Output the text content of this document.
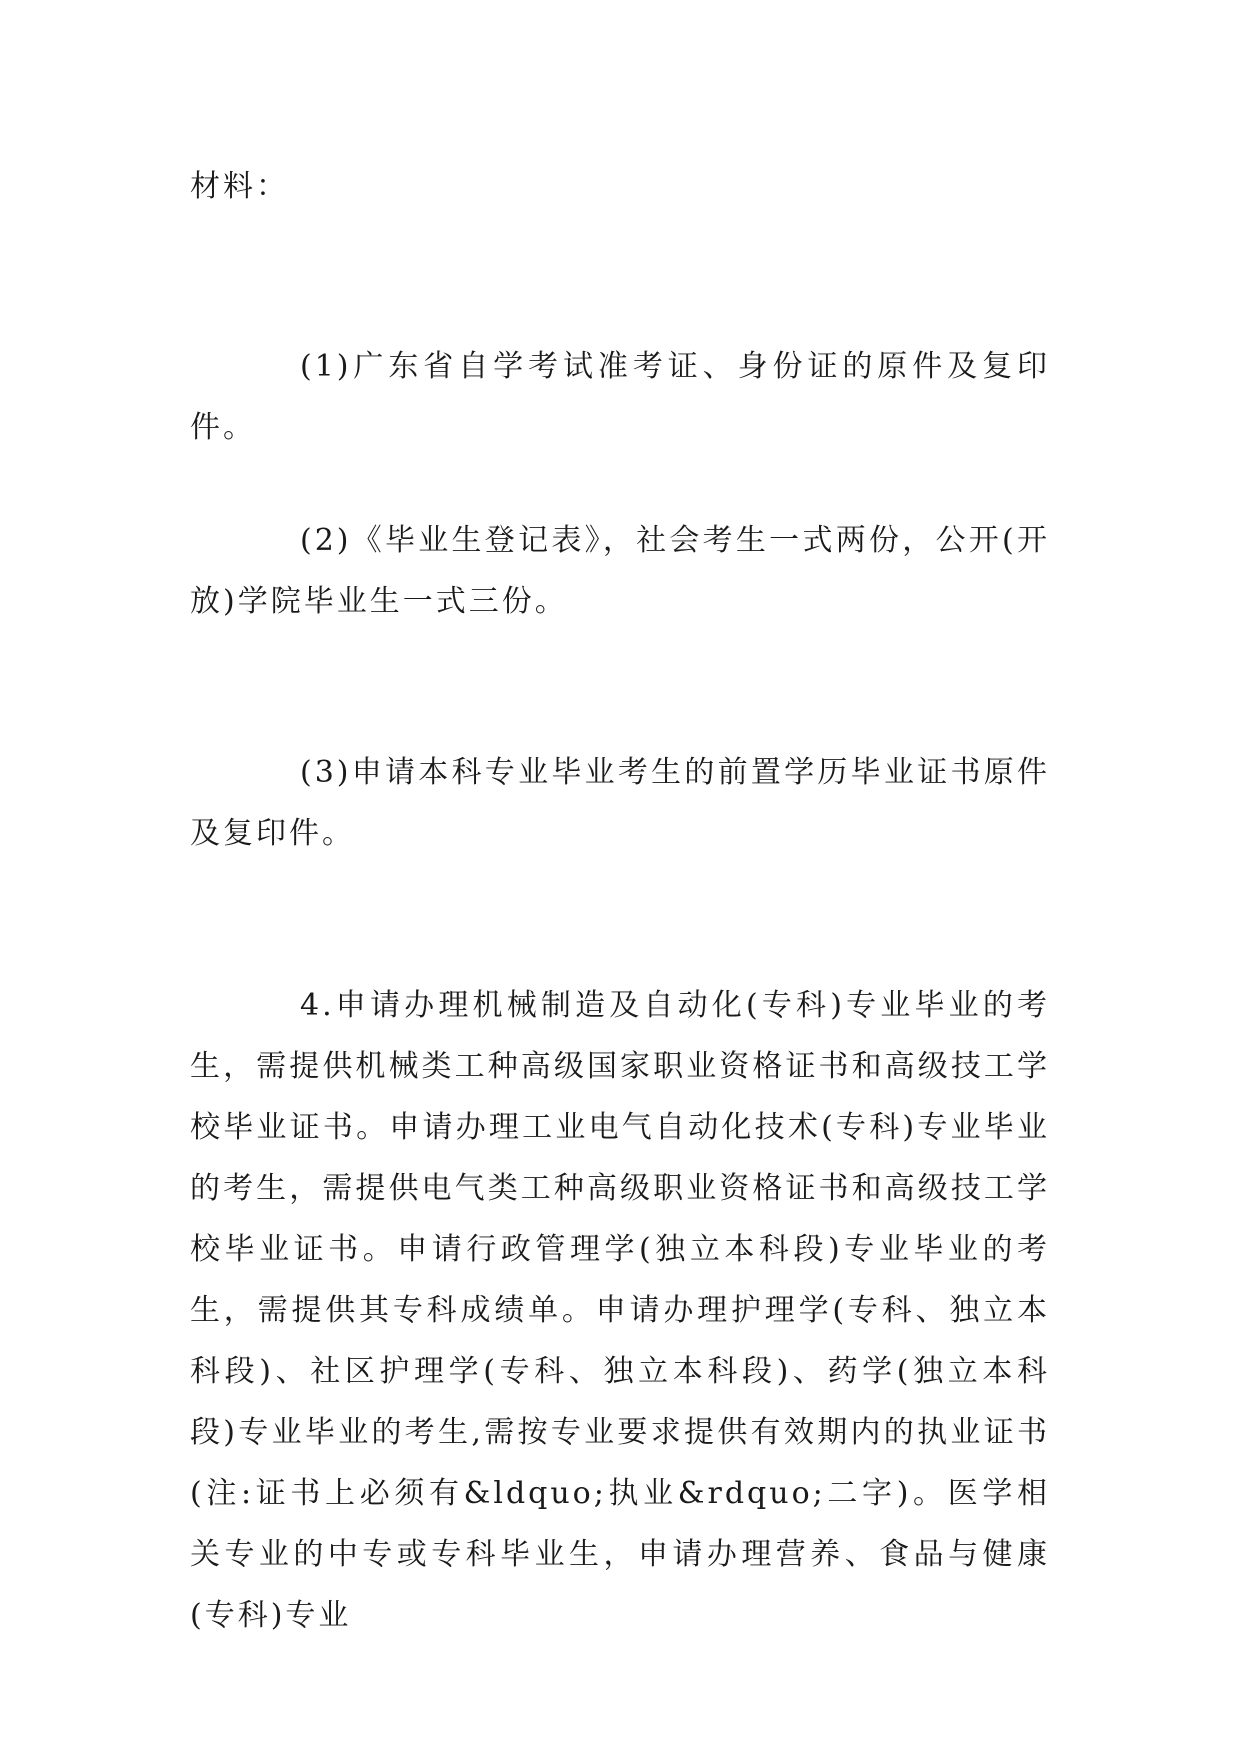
材料：
(1)广东省自学考试准考证、身份证的原件及复印件。
(2)《毕业生登记表》，社会考生一式两份，公开(开放)学院毕业生一式三份。
(3)申请本科专业毕业考生的前置学历毕业证书原件及复印件。
4.申请办理机械制造及自动化(专科)专业毕业的考生，需提供机械类工种高级国家职业资格证书和高级技工学校毕业证书。申请办理工业电气自动化技术(专科)专业毕业的考生，需提供电气类工种高级职业资格证书和高级技工学校毕业证书。申请行政管理学(独立本科段)专业毕业的考生，需提供其专科成绩单。申请办理护理学(专科、独立本科段)、社区护理学(专科、独立本科段)、药学(独立本科段)专业毕业的考生,需按专业要求提供有效期内的执业证书(注:证书上必须有&ldquo;执业&rdquo;二字)。医学相关专业的中专或专科毕业生，申请办理营养、食品与健康(专科)专业
